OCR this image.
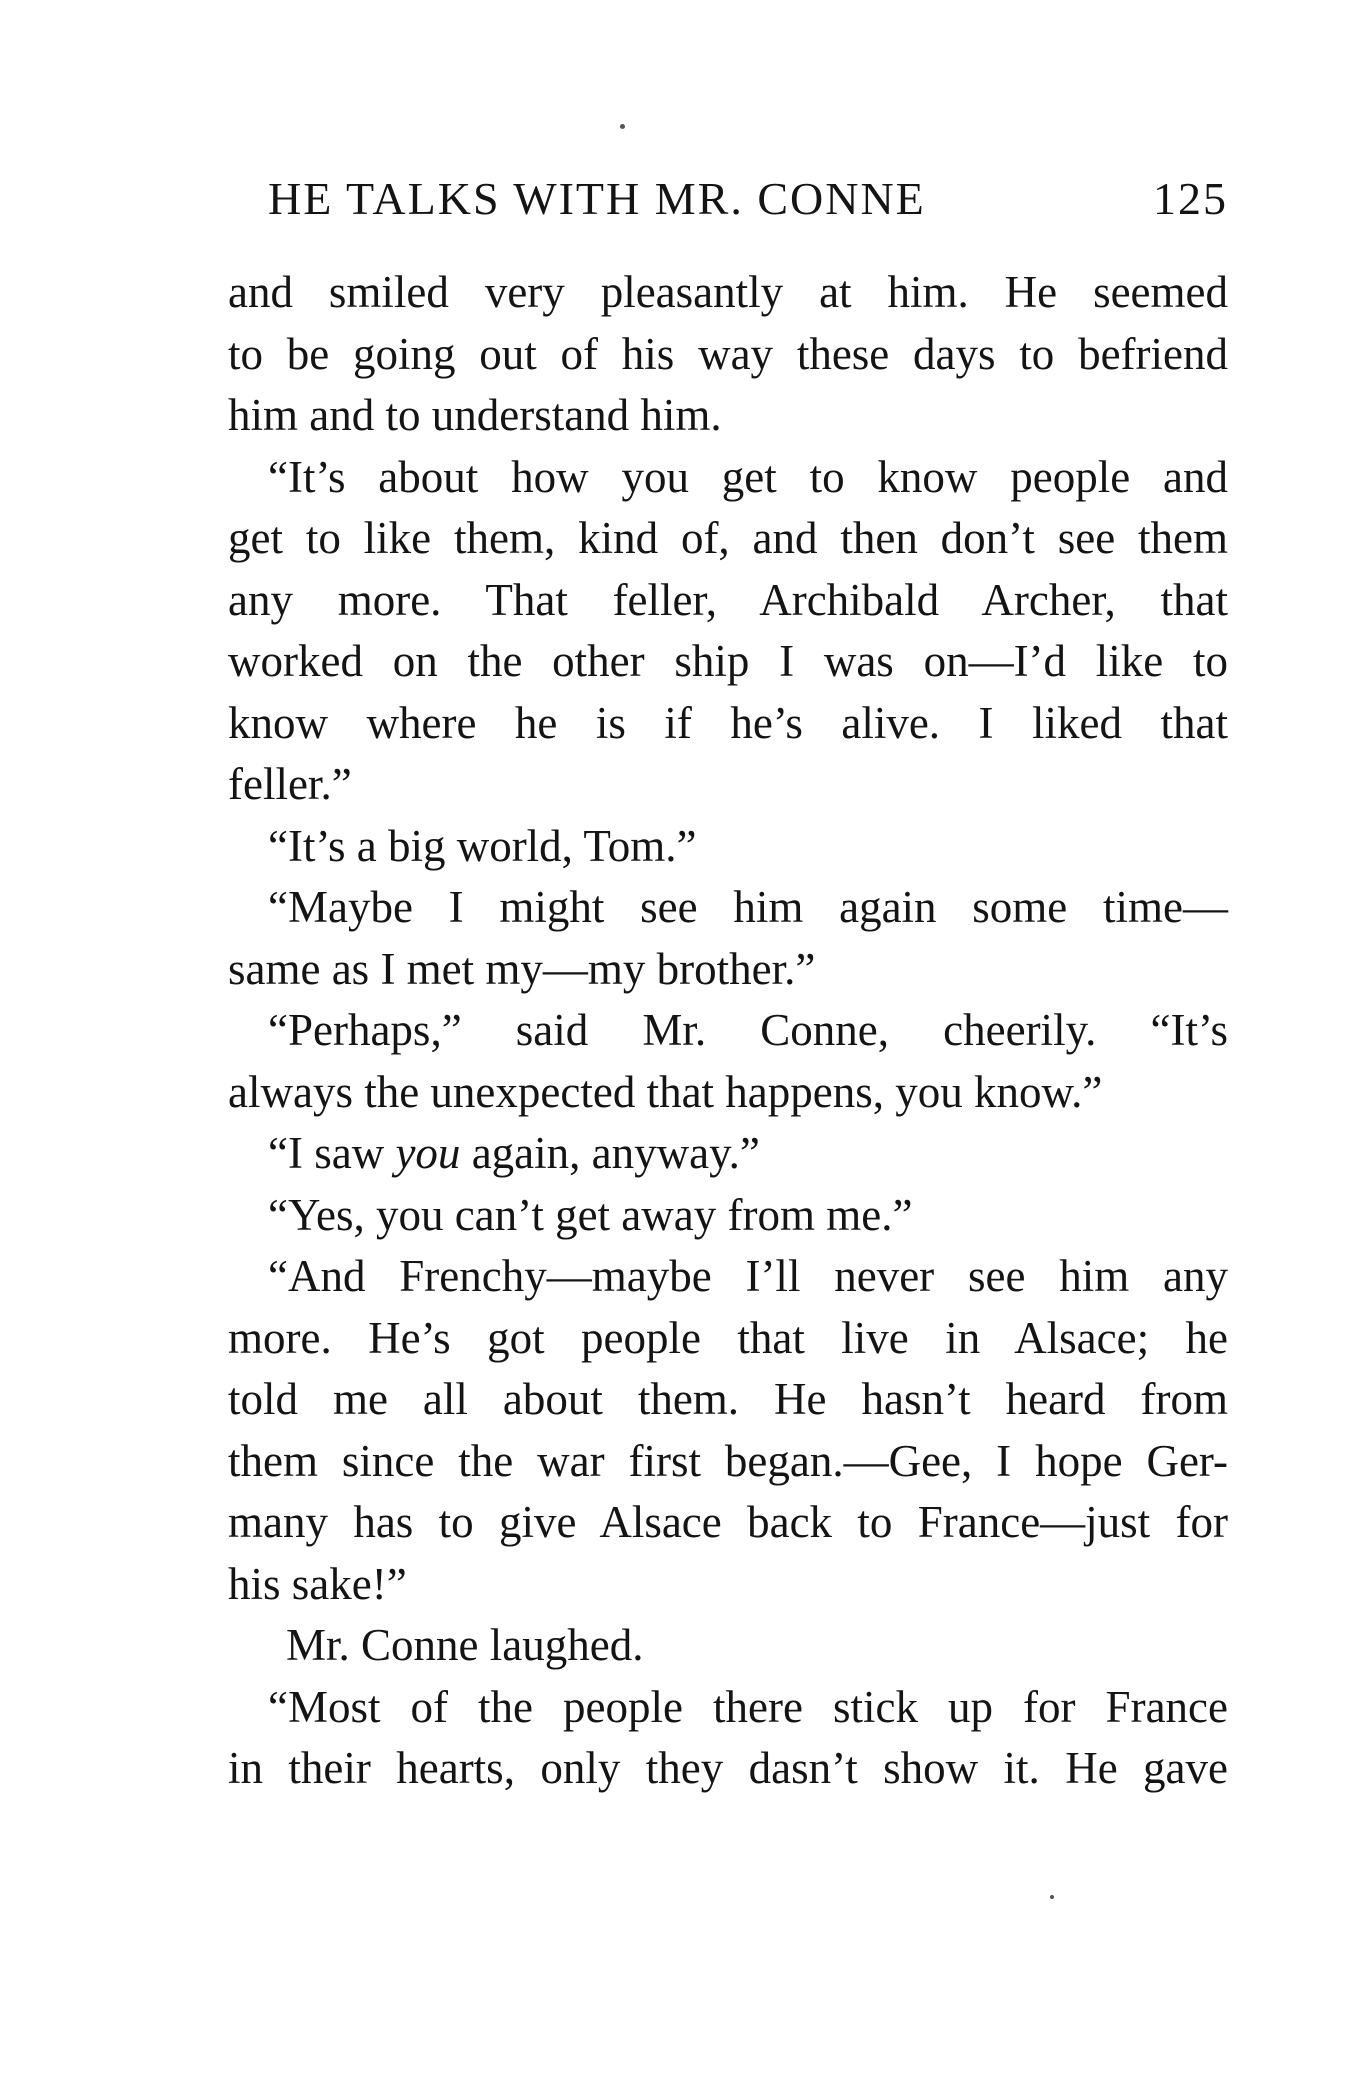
HE TALKS WITH MR. CONNE	125
and smiled very pleasantly at him. He seemed
to be going out of his way these days to befriend
him and to understand him.
“It’s about how you get to know people and
get to like them, kind of, and then don’t see them
any more. That feller, Archibald Archer, that
worked on the other ship I was on—I’d like to
know where he is if he’s alive. I liked that
feller.”
“It’s a big world, Tom.”
“Maybe I might see him again some time—
same as I met my—my brother.”
“Perhaps,” said Mr. Conne, cheerily. “It’s
always the unexpected that happens, you know.”
“I saw you again, anyway.”
“Yes, you can’t get away from me.”
“And Frenchy—maybe I’ll never see him any
more. He’s got people that live in Alsace; he
told me all about them. He hasn’t heard from
them since the war first began.—Gee, I hope Ger-
many has to give Alsace back to France—just for
his sake!”
Mr. Conne laughed.
“Most of the people there stick up for France
in their hearts, only they dasn’t show it. He gave
